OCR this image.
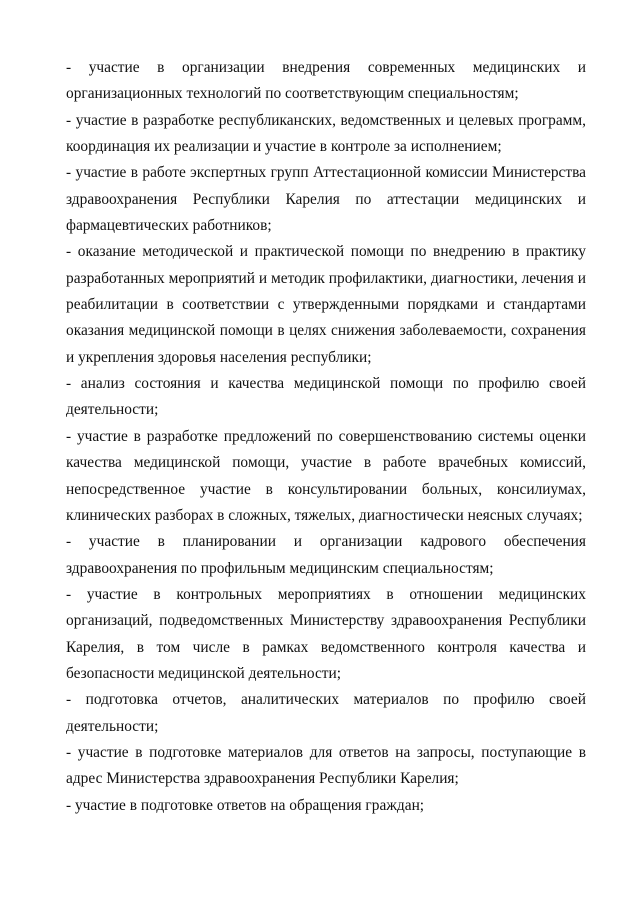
- участие в организации внедрения современных медицинских и организационных технологий по соответствующим специальностям;

- участие в разработке республиканских, ведомственных и целевых программ, координация их реализации и участие в контроле за исполнением;

- участие в работе экспертных групп Аттестационной комиссии Министерства здравоохранения Республики Карелия по аттестации медицинских и фармацевтических работников;

- оказание методической и практической помощи по внедрению в практику разработанных мероприятий и методик профилактики, диагностики, лечения и реабилитации в соответствии с утвержденными порядками и стандартами оказания медицинской помощи в целях снижения заболеваемости, сохранения и укрепления здоровья населения республики;

- анализ состояния и качества медицинской помощи по профилю своей деятельности;

- участие в разработке предложений по совершенствованию системы оценки качества медицинской помощи, участие в работе врачебных комиссий, непосредственное участие в консультировании больных, консилиумах, клинических разборах в сложных, тяжелых, диагностически неясных случаях;

- участие в планировании и организации кадрового обеспечения здравоохранения по профильным медицинским специальностям;

- участие в контрольных мероприятиях в отношении медицинских организаций, подведомственных Министерству здравоохранения Республики Карелия, в том числе в рамках ведомственного контроля качества и безопасности медицинской деятельности;

- подготовка отчетов, аналитических материалов по профилю своей деятельности;

- участие в подготовке материалов для ответов на запросы, поступающие в адрес Министерства здравоохранения Республики Карелия;

- участие в подготовке ответов на обращения граждан;
